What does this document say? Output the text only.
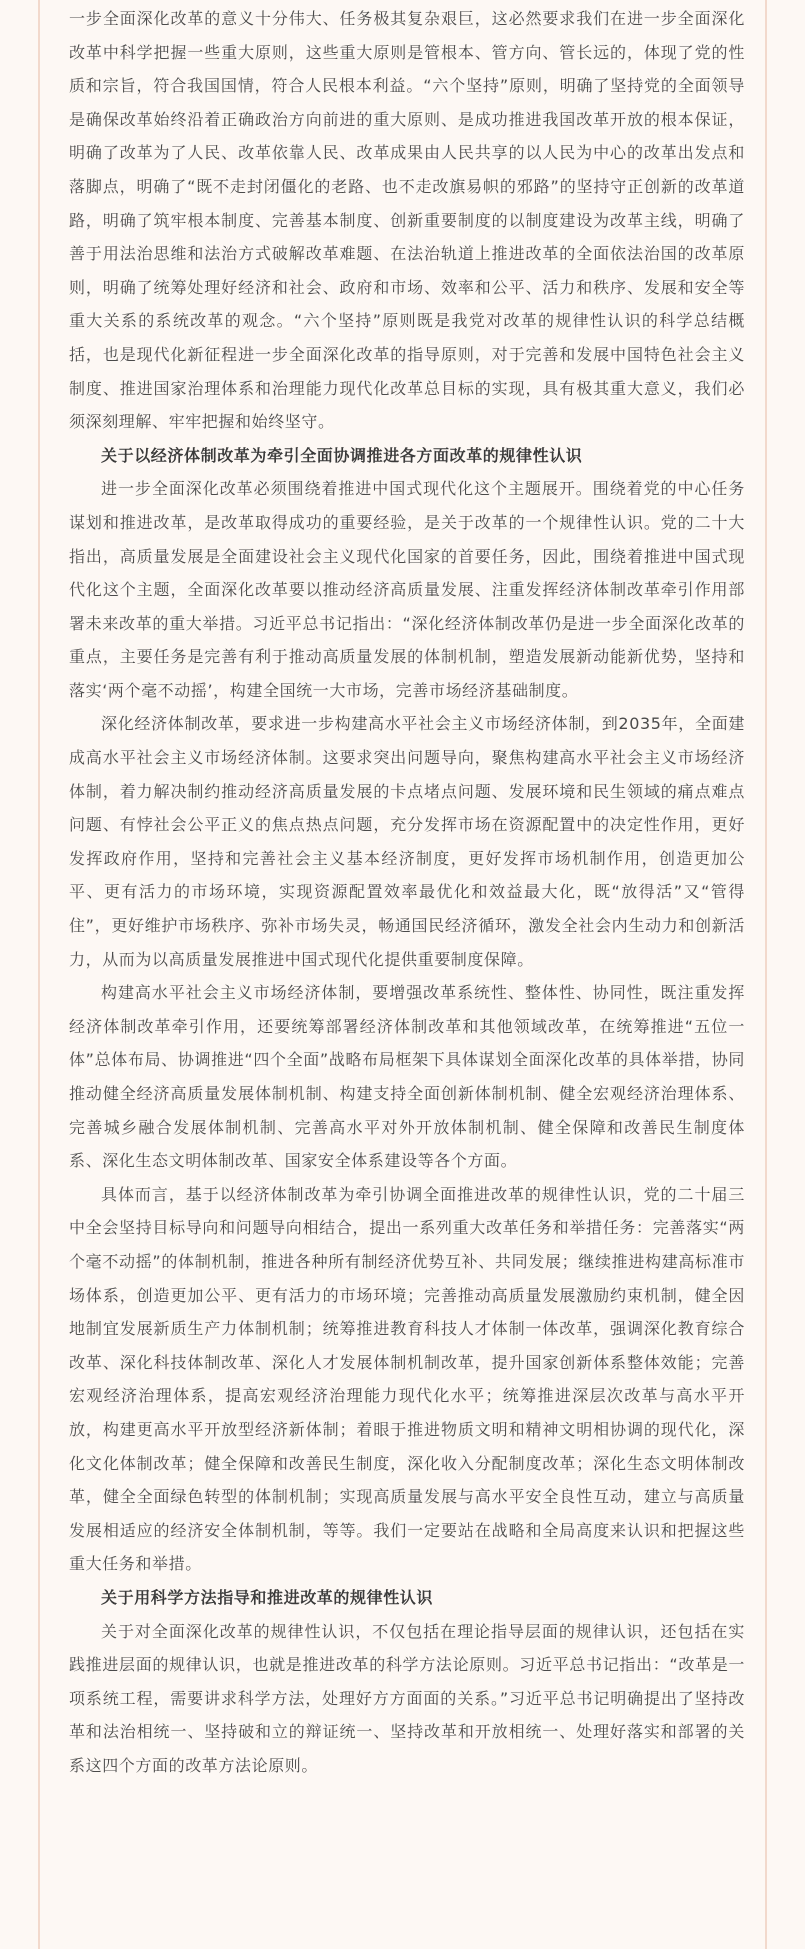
一步全面深化改革的意义十分伟大、任务极其复杂艰巨，这必然要求我们在进一步全面深化改革中科学把握一些重大原则，这些重大原则是管根本、管方向、管长远的，体现了党的性质和宗旨，符合我国国情，符合人民根本利益。“六个坚持”原则，明确了坚持党的全面领导是确保改革始终沿着正确政治方向前进的重大原则、是成功推进我国改革开放的根本保证，明确了改革为了人民、改革依靠人民、改革成果由人民共享的以人民为中心的改革出发点和落脚点，明确了“既不走封闭僵化的老路、也不走改旗易帜的邪路”的坚持守正创新的改革道路，明确了筑牢根本制度、完善基本制度、创新重要制度的以制度建设为改革主线，明确了善于用法治思维和法治方式破解改革难题、在法治轨道上推进改革的全面依法治国的改革原则，明确了统筹处理好经济和社会、政府和市场、效率和公平、活力和秩序、发展和安全等重大关系的系统改革的观念。“六个坚持”原则既是我党对改革的规律性认识的科学总结概括，也是现代化新征程进一步全面深化改革的指导原则，对于完善和发展中国特色社会主义制度、推进国家治理体系和治理能力现代化改革总目标的实现，具有极其重大意义，我们必须深刻理解、牢牢把握和始终坚守。

关于以经济体制改革为牵引全面协调推进各方面改革的规律性认识

进一步全面深化改革必须围绕着推进中国式现代化这个主题展开。围绕着党的中心任务谋划和推进改革，是改革取得成功的重要经验，是关于改革的一个规律性认识。党的二十大指出，高质量发展是全面建设社会主义现代化国家的首要任务，因此，围绕着推进中国式现代化这个主题，全面深化改革要以推动经济高质量发展、注重发挥经济体制改革牵引作用部署未来改革的重大举措。习近平总书记指出：“深化经济体制改革仍是进一步全面深化改革的重点，主要任务是完善有利于推动高质量发展的体制机制，塑造发展新动能新优势，坚持和落实‘两个毫不动摇’，构建全国统一大市场，完善市场经济基础制度。

深化经济体制改革，要求进一步构建高水平社会主义市场经济体制，到2035年，全面建成高水平社会主义市场经济体制。这要求突出问题导向，聚焦构建高水平社会主义市场经济体制，着力解决制约推动经济高质量发展的卡点堵点问题、发展环境和民生领域的痛点难点问题、有悖社会公平正义的焦点热点问题，充分发挥市场在资源配置中的决定性作用，更好发挥政府作用，坚持和完善社会主义基本经济制度，更好发挥市场机制作用，创造更加公平、更有活力的市场环境，实现资源配置效率最优化和效益最大化，既“放得活”又“管得住”，更好维护市场秩序、弥补市场失灵，畅通国民经济循环，激发全社会内生动力和创新活力，从而为以高质量发展推进中国式现代化提供重要制度保障。

构建高水平社会主义市场经济体制，要增强改革系统性、整体性、协同性，既注重发挥经济体制改革牵引作用，还要统筹部署经济体制改革和其他领域改革，在统筹推进“五位一体”总体布局、协调推进“四个全面”战略布局框架下具体谋划全面深化改革的具体举措，协同推动健全经济高质量发展体制机制、构建支持全面创新体制机制、健全宏观经济治理体系、完善城乡融合发展体制机制、完善高水平对外开放体制机制、健全保障和改善民生制度体系、深化生态文明体制改革、国家安全体系建设等各个方面。

具体而言，基于以经济体制改革为牵引协调全面推进改革的规律性认识，党的二十届三中全会坚持目标导向和问题导向相结合，提出一系列重大改革任务和举措任务：完善落实“两个毫不动摇”的体制机制，推进各种所有制经济优势互补、共同发展；继续推进构建高标准市场体系，创造更加公平、更有活力的市场环境；完善推动高质量发展激励约束机制，健全因地制宜发展新质生产力体制机制；统筹推进教育科技人才体制一体改革，强调深化教育综合改革、深化科技体制改革、深化人才发展体制机制改革，提升国家创新体系整体效能；完善宏观经济治理体系，提高宏观经济治理能力现代化水平；统筹推进深层次改革与高水平开放，构建更高水平开放型经济新体制；着眼于推进物质文明和精神文明相协调的现代化，深化文化体制改革；健全保障和改善民生制度，深化收入分配制度改革；深化生态文明体制改革，健全全面绿色转型的体制机制；实现高质量发展与高水平安全良性互动，建立与高质量发展相适应的经济安全体制机制，等等。我们一定要站在战略和全局高度来认识和把握这些重大任务和举措。

关于用科学方法指导和推进改革的规律性认识

关于对全面深化改革的规律性认识，不仅包括在理论指导层面的规律认识，还包括在实践推进层面的规律认识，也就是推进改革的科学方法论原则。习近平总书记指出：“改革是一项系统工程，需要讲求科学方法，处理好方方面面的关系。”习近平总书记明确提出了坚持改革和法治相统一、坚持破和立的辩证统一、坚持改革和开放相统一、处理好落实和部署的关系这四个方面的改革方法论原则。
